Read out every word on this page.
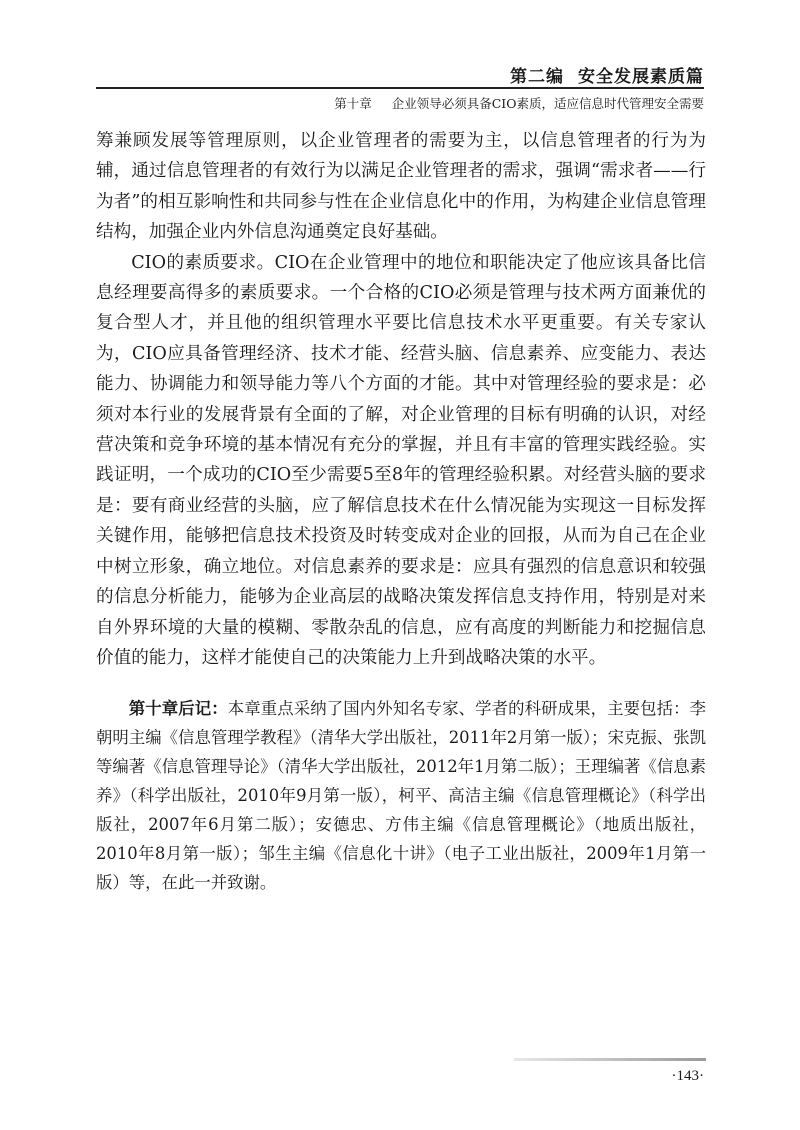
第二编 安全发展素质篇
第十章 企业领导必须具备CIO素质，适应信息时代管理安全需要

筹兼顾发展等管理原则，以企业管理者的需要为主，以信息管理者的行为为辅，通过信息管理者的有效行为以满足企业管理者的需求，强调“需求者——行为者”的相互影响性和共同参与性在企业信息化中的作用，为构建企业信息管理结构，加强企业内外信息沟通奠定良好基础。

CIO的素质要求。CIO在企业管理中的地位和职能决定了他应该具备比信息经理要高得多的素质要求。一个合格的CIO必须是管理与技术两方面兼优的复合型人才，并且他的组织管理水平要比信息技术水平更重要。有关专家认为，CIO应具备管理经济、技术才能、经营头脑、信息素养、应变能力、表达能力、协调能力和领导能力等八个方面的才能。其中对管理经验的要求是：必须对本行业的发展背景有全面的了解，对企业管理的目标有明确的认识，对经营决策和竞争环境的基本情况有充分的掌握，并且有丰富的管理实践经验。实践证明，一个成功的CIO至少需要5至8年的管理经验积累。对经营头脑的要求是：要有商业经营的头脑，应了解信息技术在什么情况能为实现这一目标发挥关键作用，能够把信息技术投资及时转变成对企业的回报，从而为自己在企业中树立形象，确立地位。对信息素养的要求是：应具有强烈的信息意识和较强的信息分析能力，能够为企业高层的战略决策发挥信息支持作用，特别是对来自外界环境的大量的模糊、零散杂乱的信息，应有高度的判断能力和挖掘信息价值的能力，这样才能使自己的决策能力上升到战略决策的水平。

第十章后记：本章重点采纳了国内外知名专家、学者的科研成果，主要包括：李朝明主编《信息管理学教程》（清华大学出版社，2011年2月第一版）；宋克振、张凯等编著《信息管理导论》（清华大学出版社，2012年1月第二版）；王理编著《信息素养》（科学出版社，2010年9月第一版），柯平、高洁主编《信息管理概论》（科学出版社，2007年6月第二版）；安德忠、方伟主编《信息管理概论》（地质出版社，2010年8月第一版）；邹生主编《信息化十讲》（电子工业出版社，2009年1月第一版）等，在此一并致谢。

·143·
